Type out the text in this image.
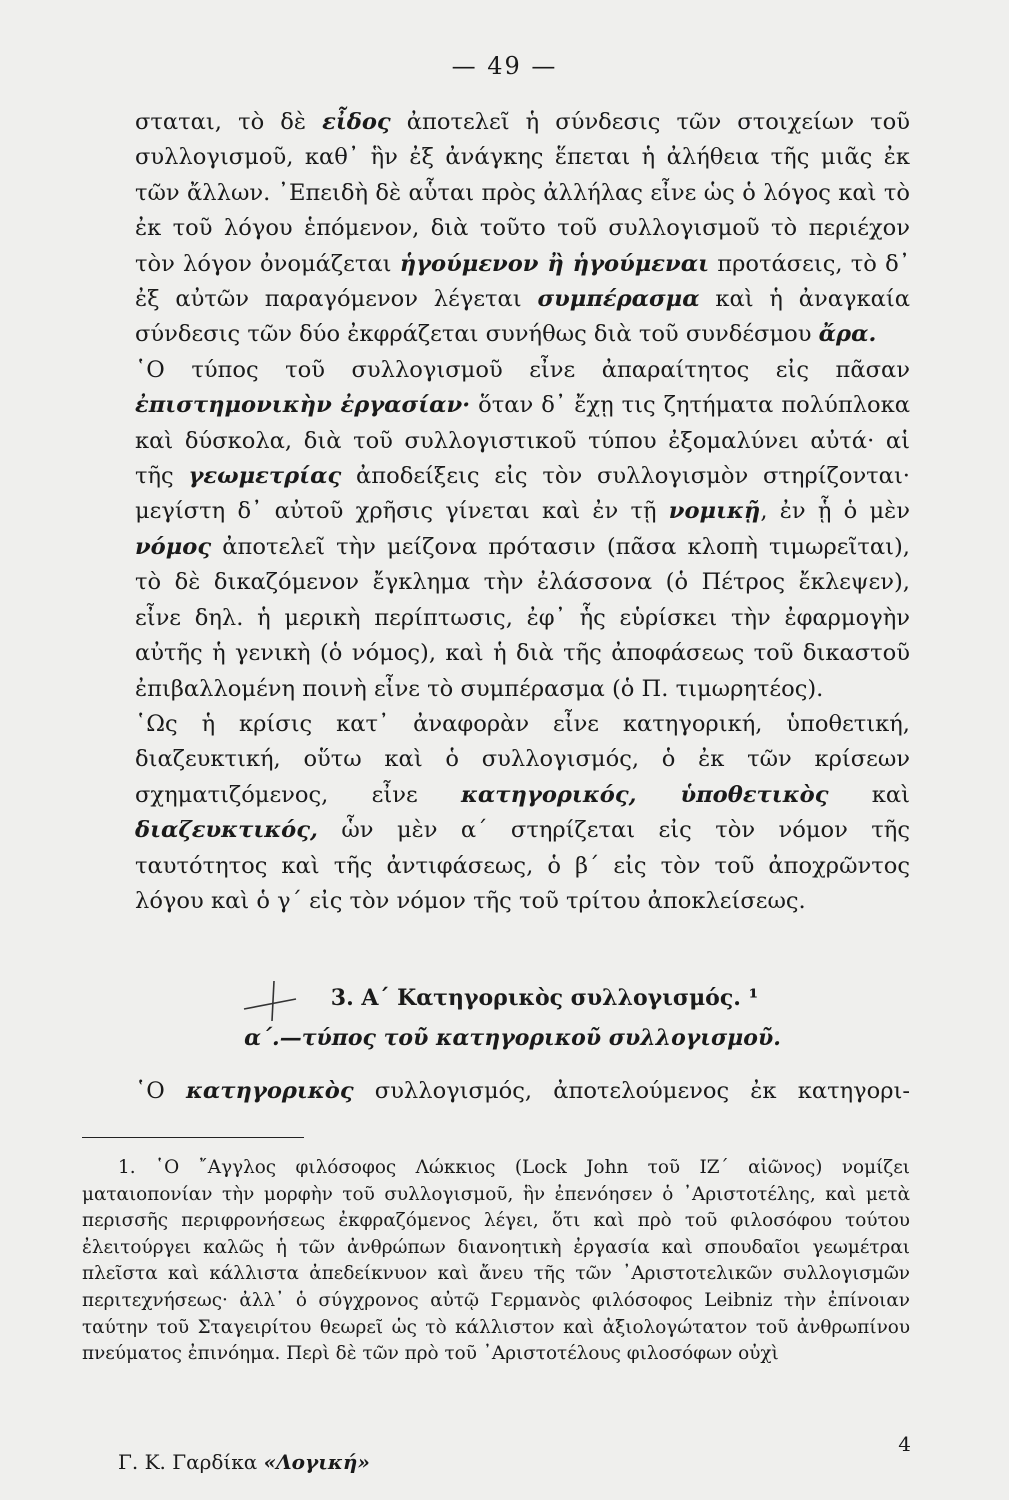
— 49 —

σταται, τὸ δὲ εἶδος ἀποτελεῖ ἡ σύνδεσις τῶν στοιχείων τοῦ συλλογισμοῦ, καθ᾽ ἣν ἐξ ἀνάγκης ἕπεται ἡ ἀλήθεια τῆς μιᾶς ἐκ τῶν ἄλλων. ᾽Επειδὴ δὲ αὗται πρὸς ἀλλήλας εἶνε ὡς ὁ λόγος καὶ τὸ ἐκ τοῦ λόγου ἑπόμενον, διὰ τοῦτο τοῦ συλλογισμοῦ τὸ περιέχον τὸν λόγον ὀνομάζεται ἡγούμενον ἢ ἡγούμεναι προτάσεις, τὸ δ᾽ ἐξ αὐτῶν παραγόμενον λέγεται συμπέρασμα καὶ ἡ ἀναγκαία σύνδεσις τῶν δύο ἐκφράζεται συνήθως διὰ τοῦ συνδέσμου ἄρα.

῾Ο τύπος τοῦ συλλογισμοῦ εἶνε ἀπαραίτητος εἰς πᾶσαν ἐπιστημονικὴν ἐργασίαν· ὅταν δ᾽ ἔχῃ τις ζητήματα πολύπλοκα καὶ δύσκολα, διὰ τοῦ συλλογιστικοῦ τύπου ἐξομαλύνει αὐτά· αἱ τῆς γεωμετρίας ἀποδείξεις εἰς τὸν συλλογισμὸν στηρίζονται· μεγίστη δ᾽ αὐτοῦ χρῆσις γίνεται καὶ ἐν τῇ νομικῇ, ἐν ᾗ ὁ μὲν νόμος ἀποτελεῖ τὴν μείζονα πρότασιν (πᾶσα κλοπὴ τιμωρεῖται), τὸ δὲ δικαζόμενον ἔγκλημα τὴν ἐλάσσονα (ὁ Πέτρος ἔκλεψεν), εἶνε δηλ. ἡ μερικὴ περίπτωσις, ἐφ᾽ ἧς εὑρίσκει τὴν ἐφαρμογὴν αὐτῆς ἡ γενικὴ (ὁ νόμος), καὶ ἡ διὰ τῆς ἀποφάσεως τοῦ δικαστοῦ ἐπιβαλλομένη ποινὴ εἶνε τὸ συμπέρασμα (ὁ Π. τιμωρητέος).

῾Ως ἡ κρίσις κατ᾽ ἀναφορὰν εἶνε κατηγορική, ὑποθετική, διαζευκτική, οὕτω καὶ ὁ συλλογισμός, ὁ ἐκ τῶν κρίσεων σχηματιζόμενος, εἶνε κατηγορικός, ὑποθετικὸς καὶ διαζευκτικός, ὧν μὲν α´ στηρίζεται εἰς τὸν νόμον τῆς ταυτότητος καὶ τῆς ἀντιφάσεως, ὁ β´ εἰς τὸν τοῦ ἀποχρῶντος λόγου καὶ ὁ γ´ εἰς τὸν νόμον τῆς τοῦ τρίτου ἀποκλείσεως.

3. Α´ Κατηγορικὸς συλλογισμός. ¹
α´.—τύπος τοῦ κατηγορικοῦ συλλογισμοῦ.
῾Ο κατηγορικὸς συλλογισμός, ἀποτελούμενος ἐκ κατηγορι-
1. ῾Ο ῎Αγγλος φιλόσοφος Λώκκιος (Lock John τοῦ ΙΖ´ αἰῶνος) νομίζει ματαιοπονίαν τὴν μορφὴν τοῦ συλλογισμοῦ, ἣν ἐπενόησεν ὁ ᾽Αριστοτέλης, καὶ μετὰ περισσῆς περιφρονήσεως ἐκφραζόμενος λέγει, ὅτι καὶ πρὸ τοῦ φιλοσόφου τούτου ἐλειτούργει καλῶς ἡ τῶν ἀνθρώπων διανοητικὴ ἐργασία καὶ σπουδαῖοι γεωμέτραι πλεῖστα καὶ κάλλιστα ἀπεδείκνυον καὶ ἄνευ τῆς τῶν ᾽Αριστοτελικῶν συλλογισμῶν περιτεχνήσεως· ἀλλ᾽ ὁ σύγχρονος αὐτῷ Γερμανὸς φιλόσοφος Leibniz τὴν ἐπίνοιαν ταύτην τοῦ Σταγειρίτου θεωρεῖ ὡς τὸ κάλλιστον καὶ ἀξιολογώτατον τοῦ ἀνθρωπίνου πνεύματος ἐπινόημα. Περὶ δὲ τῶν πρὸ τοῦ ᾽Αριστοτέλους φιλοσόφων οὐχὶ
Γ. Κ. Γαρδίκα «Λογική»
4
